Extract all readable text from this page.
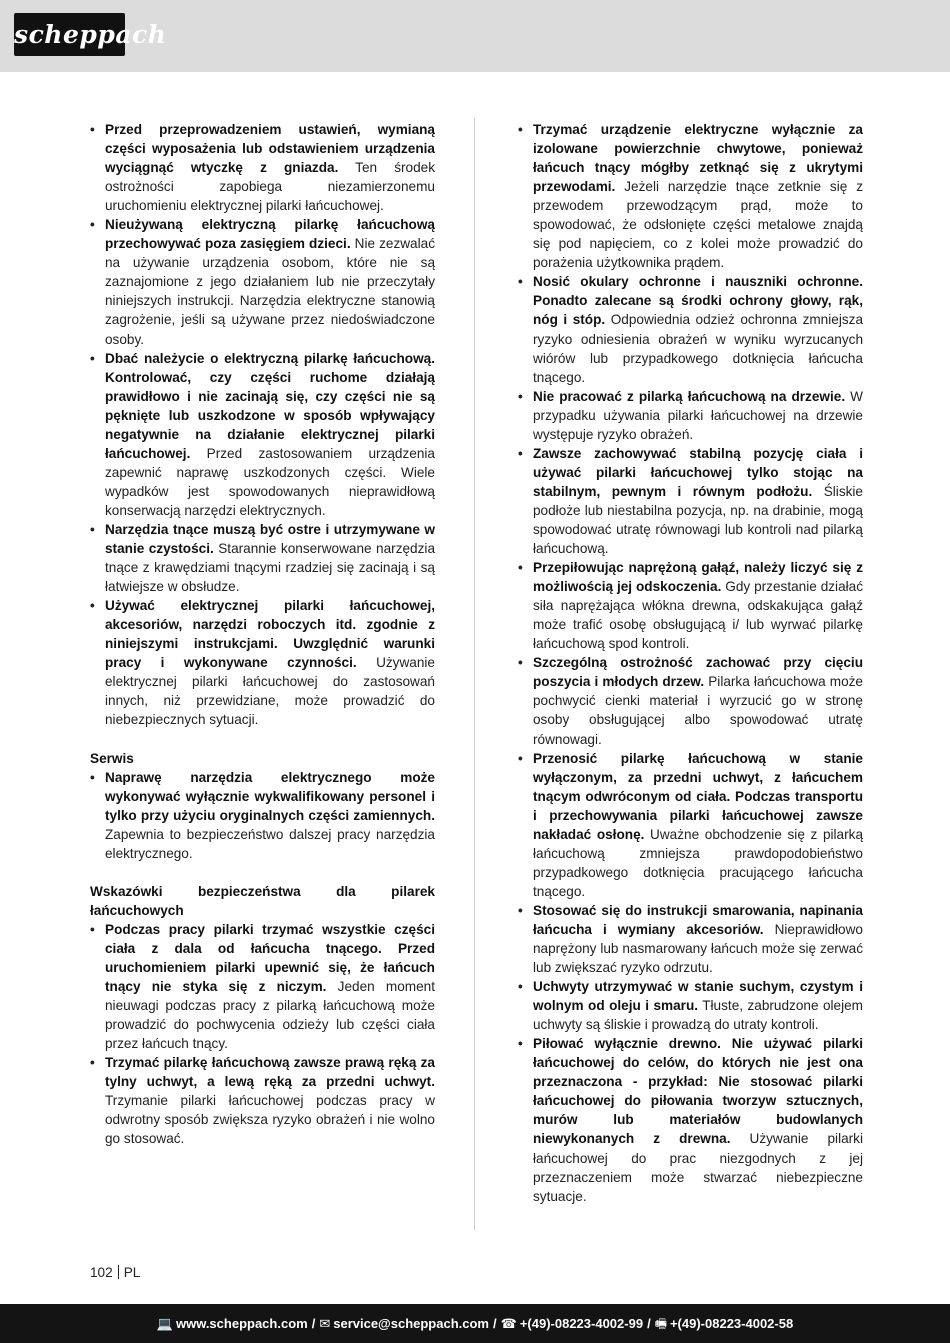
scheppach
• Przed przeprowadzeniem ustawień, wymianą części wyposażenia lub odstawieniem urządzenia wyciągnąć wtyczkę z gniazda. Ten środek ostrożności zapobiega niezamierzonemu uruchomieniu elektrycznej pilarki łańcuchowej.
• Nieużywaną elektryczną pilarkę łańcuchową przechowywać poza zasięgiem dzieci. Nie zezwalać na używanie urządzenia osobom, które nie są zaznajomione z jego działaniem lub nie przeczytały niniejszych instrukcji. Narzędzia elektryczne stanowią zagrożenie, jeśli są używane przez niedoświadczone osoby.
• Dbać należycie o elektryczną pilarkę łańcuchową. Kontrolować, czy części ruchome działają prawidłowo i nie zacinają się, czy części nie są pęknięte lub uszkodzone w sposób wpływający negatywnie na działanie elektrycznej pilarki łańcuchowej. Przed zastosowaniem urządzenia zapewnić naprawę uszkodzonych części. Wiele wypadków jest spowodowanych nieprawidłową konserwacją narzędzi elektrycznych.
• Narzędzia tnące muszą być ostre i utrzymywane w stanie czystości. Starannie konserwowane narzędzia tnące z krawędziami tnącymi rzadziej się zacinają i są łatwiejsze w obsłudze.
• Używać elektrycznej pilarki łańcuchowej, akcesoriów, narzędzi roboczych itd. zgodnie z niniejszymi instrukcjami. Uwzględnić warunki pracy i wykonywane czynności. Używanie elektrycznej pilarki łańcuchowej do zastosowań innych, niż przewidziane, może prowadzić do niebezpiecznych sytuacji.
Serwis
• Naprawę narzędzia elektrycznego może wykonywać wyłącznie wykwalifikowany personel i tylko przy użyciu oryginalnych części zamiennych. Zapewnia to bezpieczeństwo dalszej pracy narzędzia elektrycznego.
Wskazówki bezpieczeństwa dla pilarek łańcuchowych
• Podczas pracy pilarki trzymać wszystkie części ciała z dala od łańcucha tnącego. Przed uruchomieniem pilarki upewnić się, że łańcuch tnący nie styka się z niczym. Jeden moment nieuwagi podczas pracy z pilarką łańcuchową może prowadzić do pochwycenia odzieży lub części ciała przez łańcuch tnący.
• Trzymać pilarkę łańcuchową zawsze prawą ręką za tylny uchwyt, a lewą ręką za przedni uchwyt. Trzymanie pilarki łańcuchowej podczas pracy w odwrotny sposób zwiększa ryzyko obrażeń i nie wolno go stosować.
• Trzymać urządzenie elektryczne wyłącznie za izolowane powierzchnie chwytowe, ponieważ łańcuch tnący mógłby zetknąć się z ukrytymi przewodami. Jeżeli narzędzie tnące zetknie się z przewodem przewodzącym prąd, może to spowodować, że odsłonięte części metalowe znajdą się pod napięciem, co z kolei może prowadzić do porażenia użytkownika prądem.
• Nosić okulary ochronne i nauszniki ochronne. Ponadto zalecane są środki ochrony głowy, rąk, nóg i stóp. Odpowiednia odzież ochronna zmniejsza ryzyko odniesienia obrażeń w wyniku wyrzucanych wiórów lub przypadkowego dotknięcia łańcucha tnącego.
• Nie pracować z pilarką łańcuchową na drzewie. W przypadku używania pilarki łańcuchowej na drzewie występuje ryzyko obrażeń.
• Zawsze zachowywać stabilną pozycję ciała i używać pilarki łańcuchowej tylko stojąc na stabilnym, pewnym i równym podłożu. Śliskie podłoże lub niestabilna pozycja, np. na drabinie, mogą spowodować utratę równowagi lub kontroli nad pilarką łańcuchową.
• Przepiłowując naprężoną gałąź, należy liczyć się z możliwością jej odskoczenia. Gdy przestanie działać siła naprężająca włókna drewna, odskakująca gałąź może trafić osobę obsługującą i/ lub wyrwać pilarkę łańcuchową spod kontroli.
• Szczególną ostrożność zachować przy cięciu poszycia i młodych drzew. Pilarka łańcuchowa może pochwycić cienki materiał i wyrzucić go w stronę osoby obsługującej albo spowodować utratę równowagi.
• Przenosić pilarkę łańcuchową w stanie wyłączonym, za przedni uchwyt, z łańcuchem tnącym odwróconym od ciała. Podczas transportu i przechowywania pilarki łańcuchowej zawsze nakładać osłonę. Uważne obchodzenie się z pilarką łańcuchową zmniejsza prawdopodobieństwo przypadkowego dotknięcia pracującego łańcucha tnącego.
• Stosować się do instrukcji smarowania, napinania łańcucha i wymiany akcesoriów. Nieprawidłowo naprężony lub nasmarowany łańcuch może się zerwać lub zwiększać ryzyko odrzutu.
• Uchwyty utrzymywać w stanie suchym, czystym i wolnym od oleju i smaru. Tłuste, zabrudzone olejem uchwyty są śliskie i prowadzą do utraty kontroli.
• Piłować wyłącznie drewno. Nie używać pilarki łańcuchowej do celów, do których nie jest ona przeznaczona - przykład: Nie stosować pilarki łańcuchowej do piłowania tworzyw sztucznych, murów lub materiałów budowlanych niewykonanych z drewna. Używanie pilarki łańcuchowej do prac niezgodnych z jej przeznaczeniem może stwarzać niebezpieczne sytuacje.
102 PL
💻 www.scheppach.com / ✉ service@scheppach.com / ☎ +(49)-08223-4002-99 / 🖷 +(49)-08223-4002-58
